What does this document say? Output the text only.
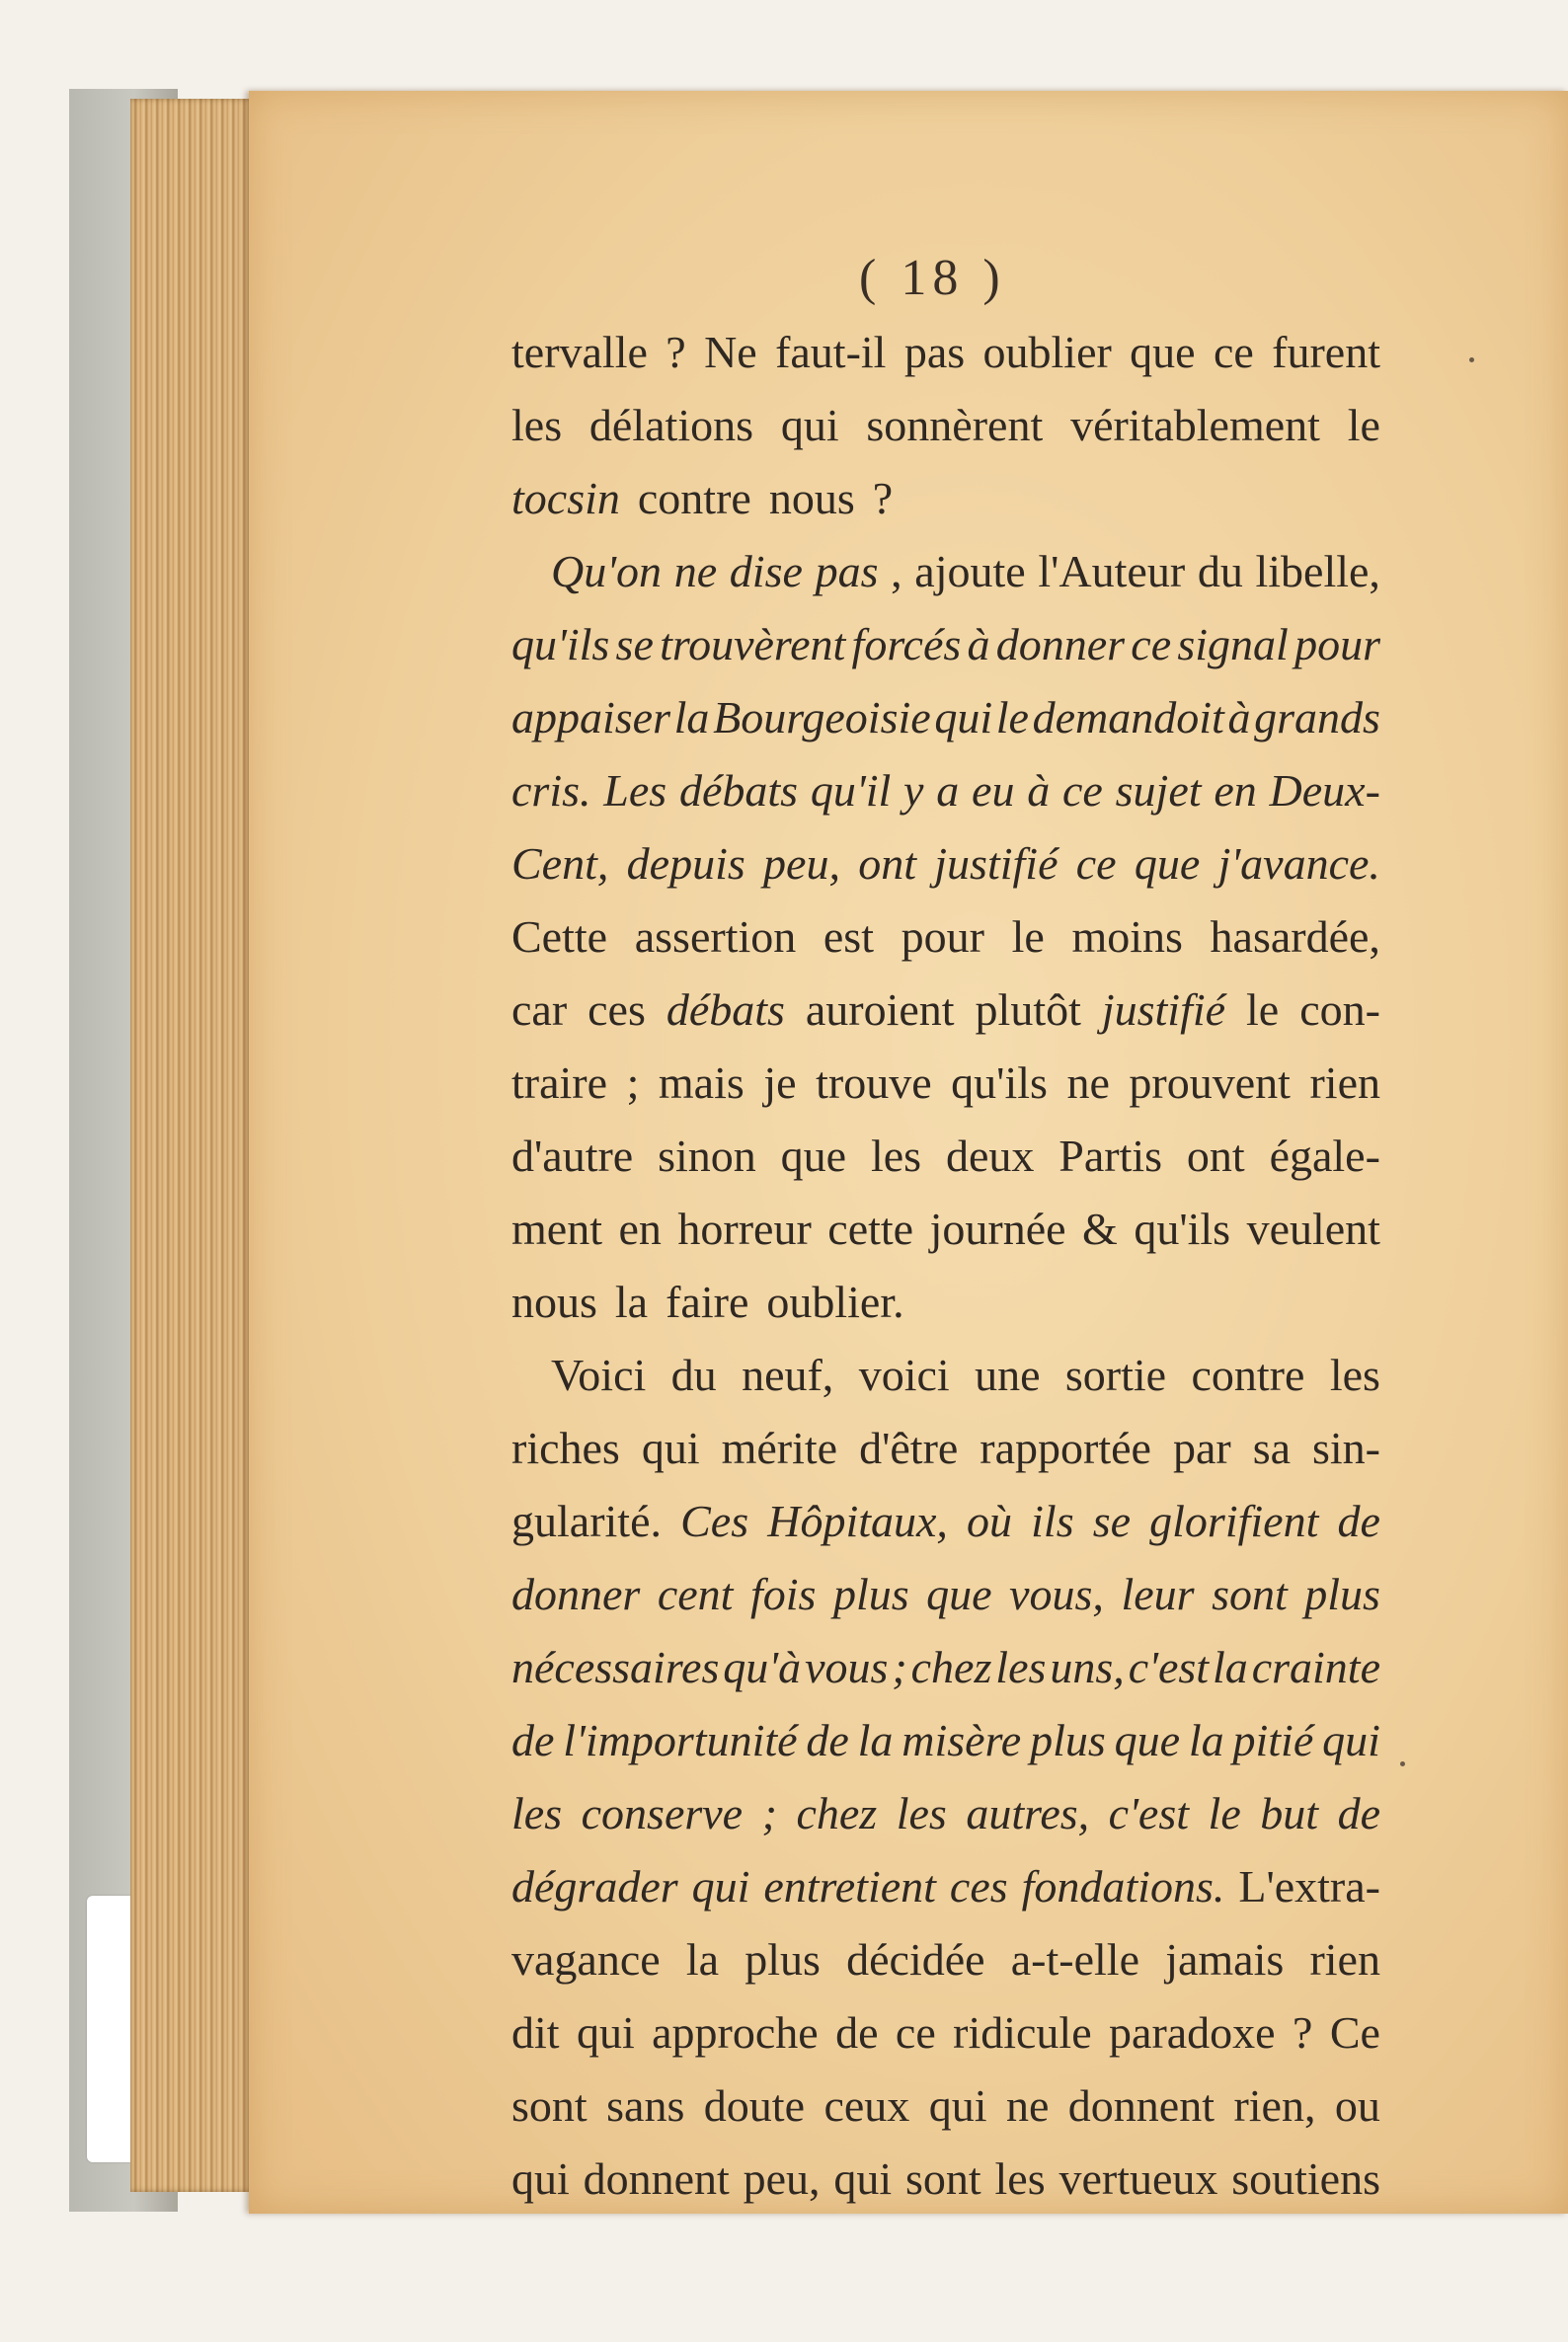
( 18 )
tervalle ? Ne faut-il pas oublier que ce furent
les délations qui sonnèrent véritablement le
tocsin contre nous ?
Qu'on ne dise pas , ajoute l'Auteur du libelle,
qu'ils se trouvèrent forcés à donner ce signal pour
appaiser la Bourgeoisie qui le demandoit à grands
cris. Les débats qu'il y a eu à ce sujet en Deux-
Cent, depuis peu, ont justifié ce que j'avance.
Cette assertion est pour le moins hasardée,
car ces débats auroient plutôt justifié le con-
traire ; mais je trouve qu'ils ne prouvent rien
d'autre sinon que les deux Partis ont égale-
ment en horreur cette journée & qu'ils veulent
nous la faire oublier.
Voici du neuf, voici une sortie contre les
riches qui mérite d'être rapportée par sa sin-
gularité. Ces Hôpitaux, où ils se glorifient de
donner cent fois plus que vous, leur sont plus
nécessaires qu'à vous ; chez les uns, c'est la crainte
de l'importunité de la misère plus que la pitié qui
les conserve ; chez les autres, c'est le but de
dégrader qui entretient ces fondations. L'extra-
vagance la plus décidée a-t-elle jamais rien
dit qui approche de ce ridicule paradoxe ? Ce
sont sans doute ceux qui ne donnent rien, ou
qui donnent peu, qui sont les vertueux soutiens
